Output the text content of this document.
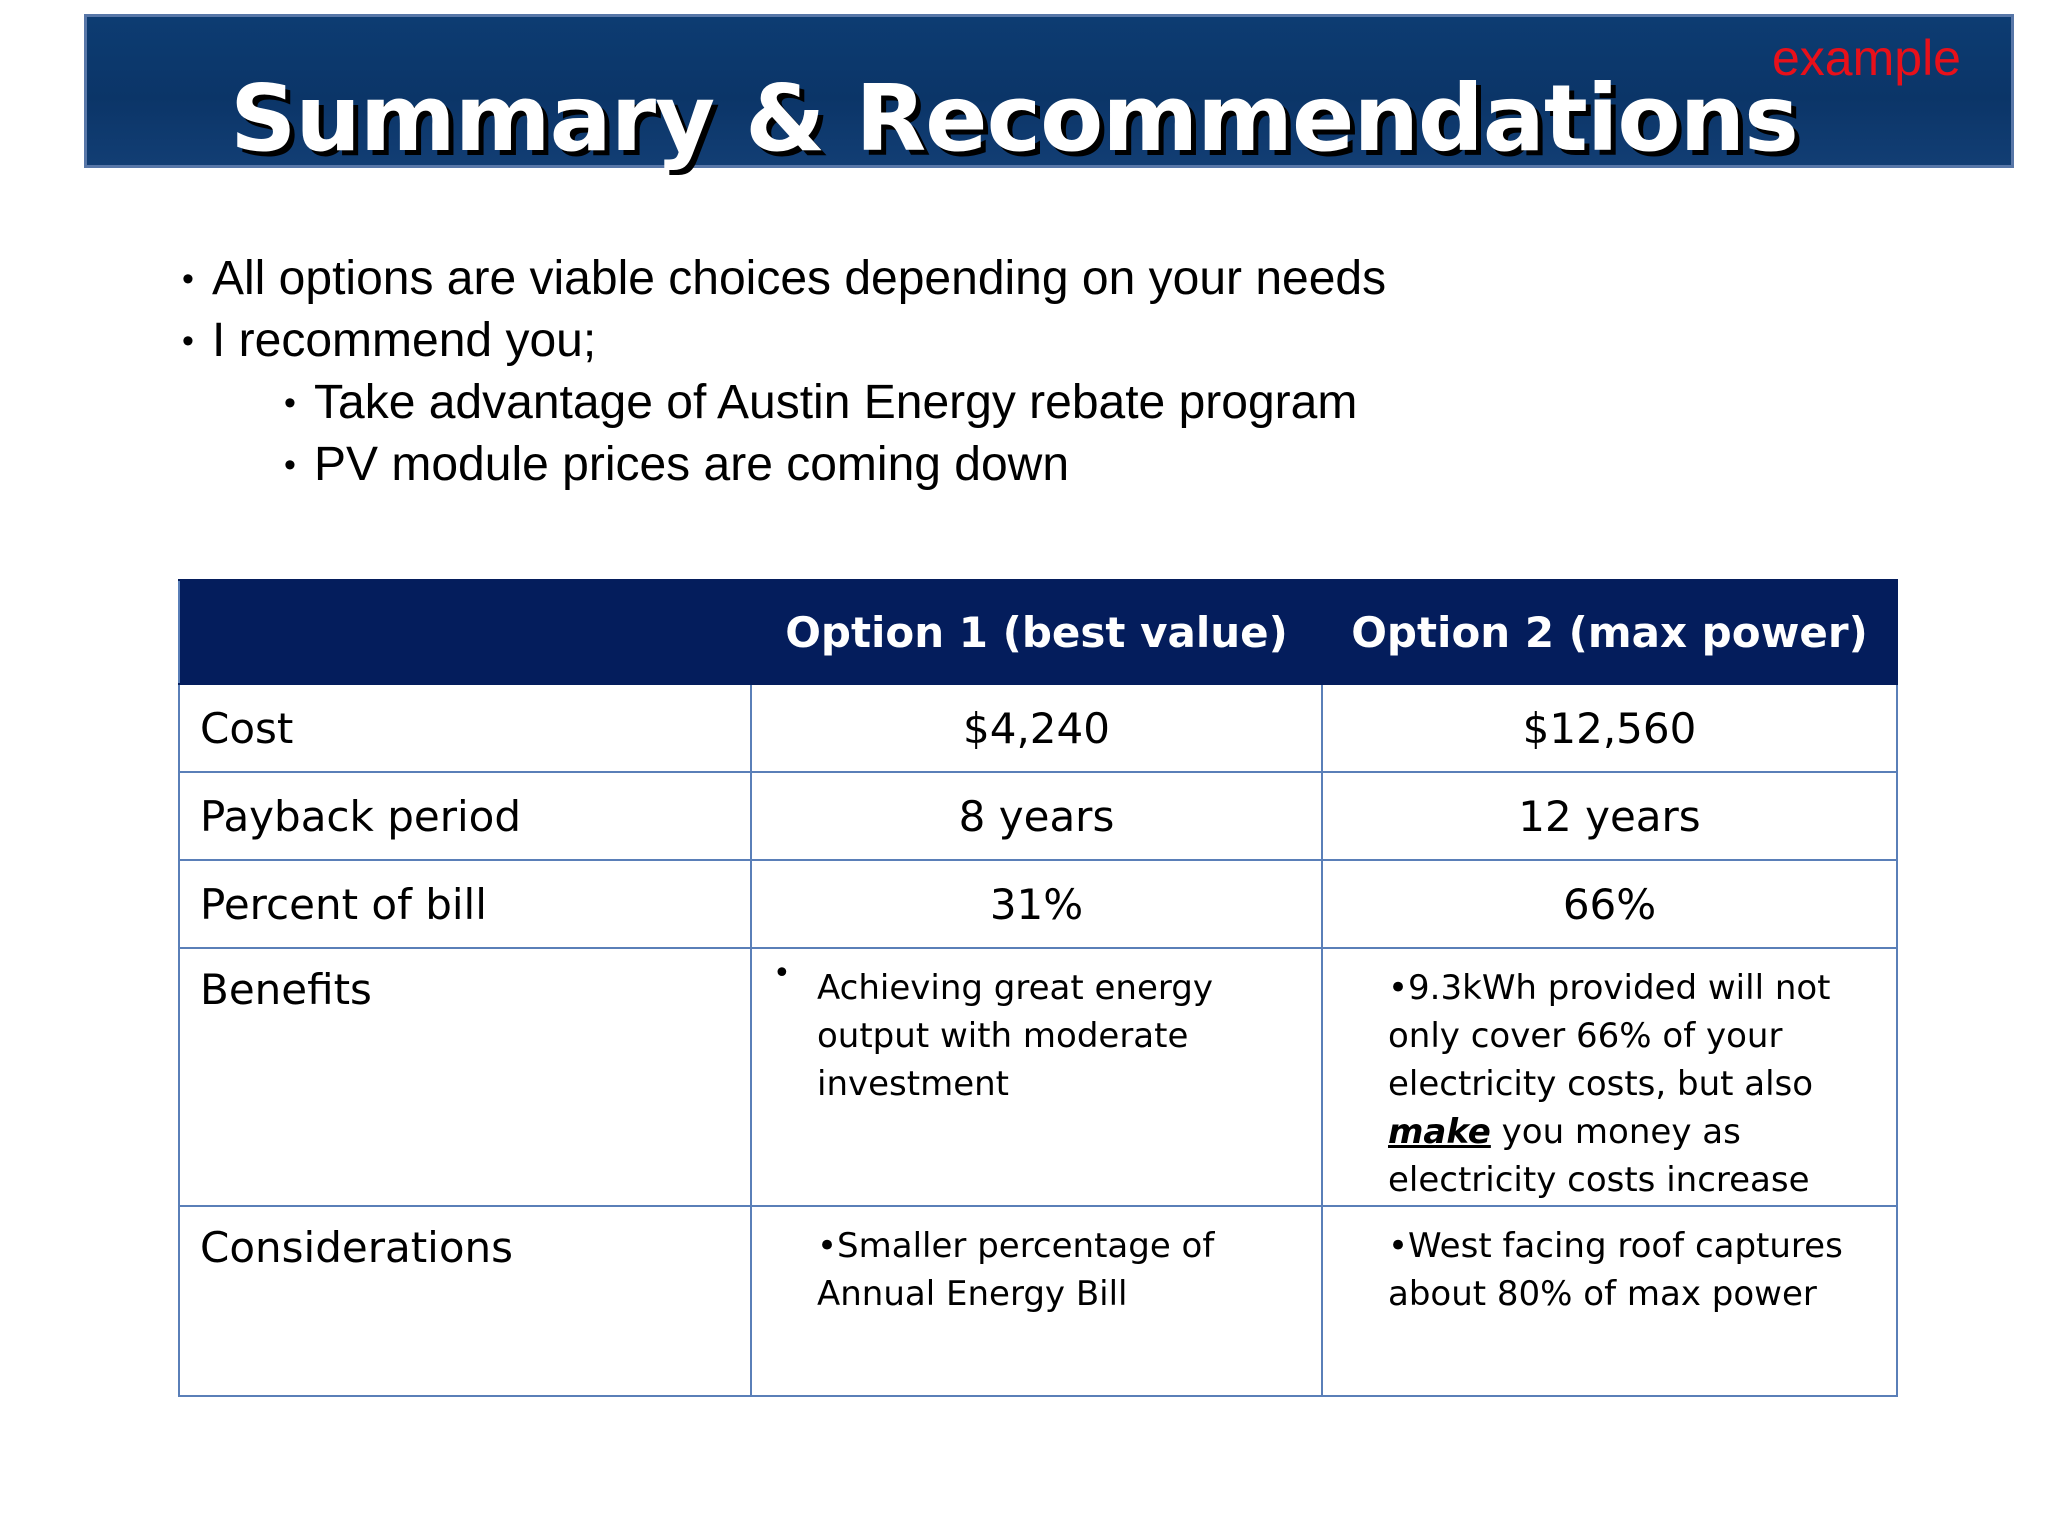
example
Summary & Recommendations
• All options are viable choices depending on your needs
• I recommend you;
• Take advantage of Austin Energy rebate program
• PV module prices are coming down
	Option 1 (best value)	Option 2 (max power)
Cost	$4,240	$12,560
Payback period	8 years	12 years
Percent of bill	31%	66%
Benefits	• Achieving great energy output with moderate investment	•9.3kWh provided will not only cover 66% of your electricity costs, but also make you money as electricity costs increase

Considerations	•Smaller percentage of Annual Energy Bill	•West facing roof captures about 80% of max power
